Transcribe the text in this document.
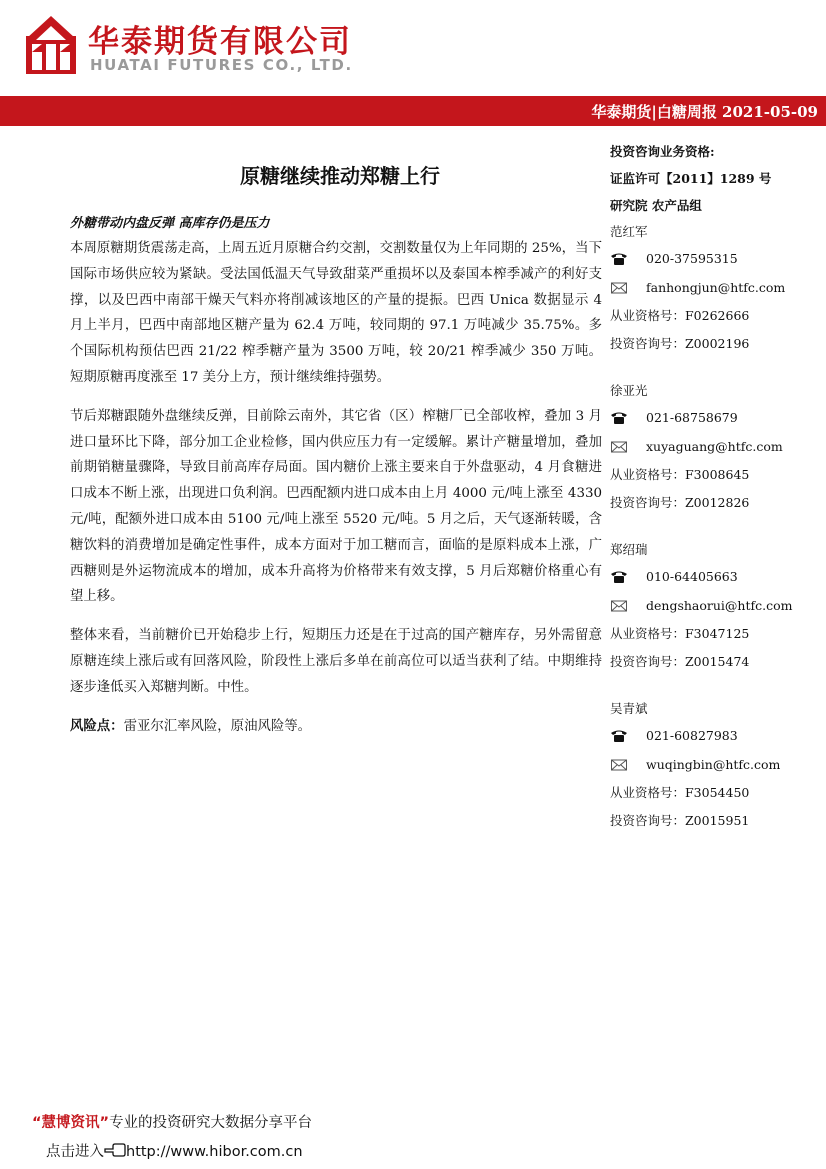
华泰期货有限公司
HUATAI FUTURES CO., LTD.
华泰期货|白糖周报 2021-05-09
原糖继续推动郑糖上行
外糖带动内盘反弹 高库存仍是压力

本周原糖期货震荡走高，上周五近月原糖合约交割，交割数量仅为上年同期的 25%，当下国际市场供应较为紧缺。受法国低温天气导致甜菜严重损坏以及泰国本榨季减产的利好支撑，以及巴西中南部干燥天气料亦将削减该地区的产量的提振。巴西 Unica 数据显示 4 月上半月，巴西中南部地区糖产量为 62.4 万吨，较同期的 97.1 万吨减少 35.75%。多个国际机构预估巴西 21/22 榨季糖产量为 3500 万吨，较 20/21 榨季减少 350 万吨。短期原糖再度涨至 17 美分上方，预计继续维持强势。

节后郑糖跟随外盘继续反弹，目前除云南外，其它省（区）榨糖厂已全部收榨，叠加 3 月进口量环比下降，部分加工企业检修，国内供应压力有一定缓解。累计产糖量增加，叠加前期销糖量骤降，导致目前高库存局面。国内糖价上涨主要来自于外盘驱动，4 月食糖进口成本不断上涨，出现进口负利润。巴西配额内进口成本由上月 4000 元/吨上涨至 4330 元/吨，配额外进口成本由 5100 元/吨上涨至 5520 元/吨。5 月之后，天气逐渐转暖，含糖饮料的消费增加是确定性事件，成本方面对于加工糖而言，面临的是原料成本上涨，广西糖则是外运物流成本的增加，成本升高将为价格带来有效支撑，5 月后郑糖价格重心有望上移。

整体来看，当前糖价已开始稳步上行，短期压力还是在于过高的国产糖库存，另外需留意原糖连续上涨后或有回落风险，阶段性上涨后多单在前高位可以适当获利了结。中期维持逐步逢低买入郑糖判断。中性。

风险点：雷亚尔汇率风险，原油风险等。

投资咨询业务资格:
证监许可【2011】1289 号
研究院 农产品组
范红军
020-37595315
fanhongjun@htfc.com
从业资格号：F0262666
投资咨询号：Z0002196
徐亚光
021-68758679
xuyaguang@htfc.com
从业资格号：F3008645
投资咨询号：Z0012826
郑绍瑞
010-64405663
dengshaorui@htfc.com
从业资格号：F3047125
投资咨询号：Z0015474
吴青斌
021-60827983
wuqingbin@htfc.com
从业资格号：F3054450
投资咨询号：Z0015951
“慧博资讯”专业的投资研究大数据分享平台
点击进入 http://www.hibor.com.cn
